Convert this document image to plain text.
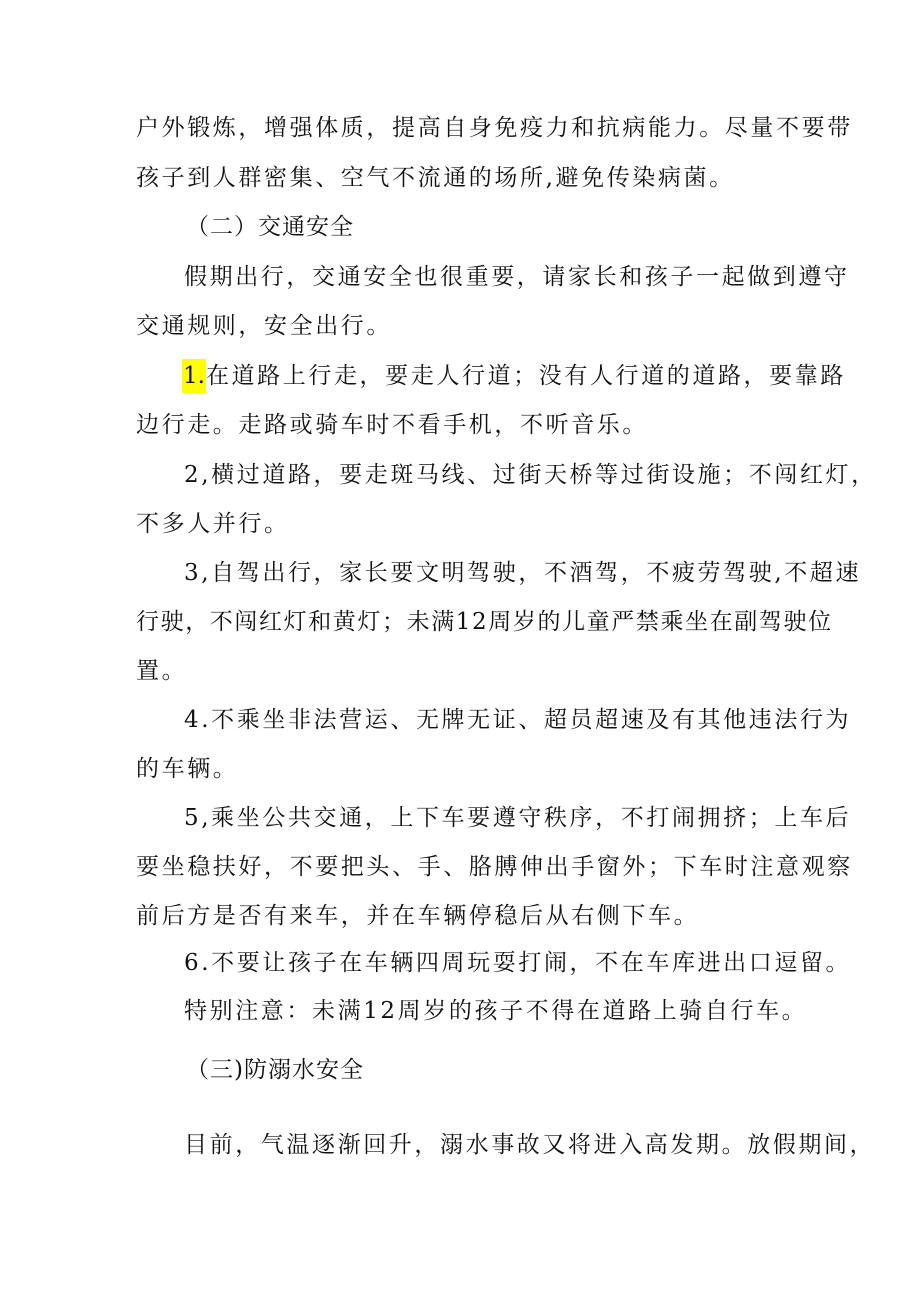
户外锻炼，增强体质，提高自身免疫力和抗病能力。尽量不要带
孩子到人群密集、空气不流通的场所,避免传染病菌。
（二）交通安全
假期出行，交通安全也很重要，请家长和孩子一起做到遵守
交通规则，安全出行。
1.在道路上行走，要走人行道；没有人行道的道路，要靠路
边行走。走路或骑车时不看手机，不听音乐。
2,横过道路，要走斑马线、过街天桥等过街设施；不闯红灯，
不多人并行。
3,自驾出行，家长要文明驾驶，不酒驾，不疲劳驾驶,不超速
行驶，不闯红灯和黄灯；未满12周岁的儿童严禁乘坐在副驾驶位
置。
4.不乘坐非法营运、无牌无证、超员超速及有其他违法行为
的车辆。
5,乘坐公共交通，上下车要遵守秩序，不打闹拥挤；上车后
要坐稳扶好，不要把头、手、胳膊伸出手窗外；下车时注意观察
前后方是否有来车，并在车辆停稳后从右侧下车。
6.不要让孩子在车辆四周玩耍打闹，不在车库进出口逗留。
特别注意：未满12周岁的孩子不得在道路上骑自行车。
（三)防溺水安全
目前，气温逐渐回升，溺水事故又将进入高发期。放假期间，
